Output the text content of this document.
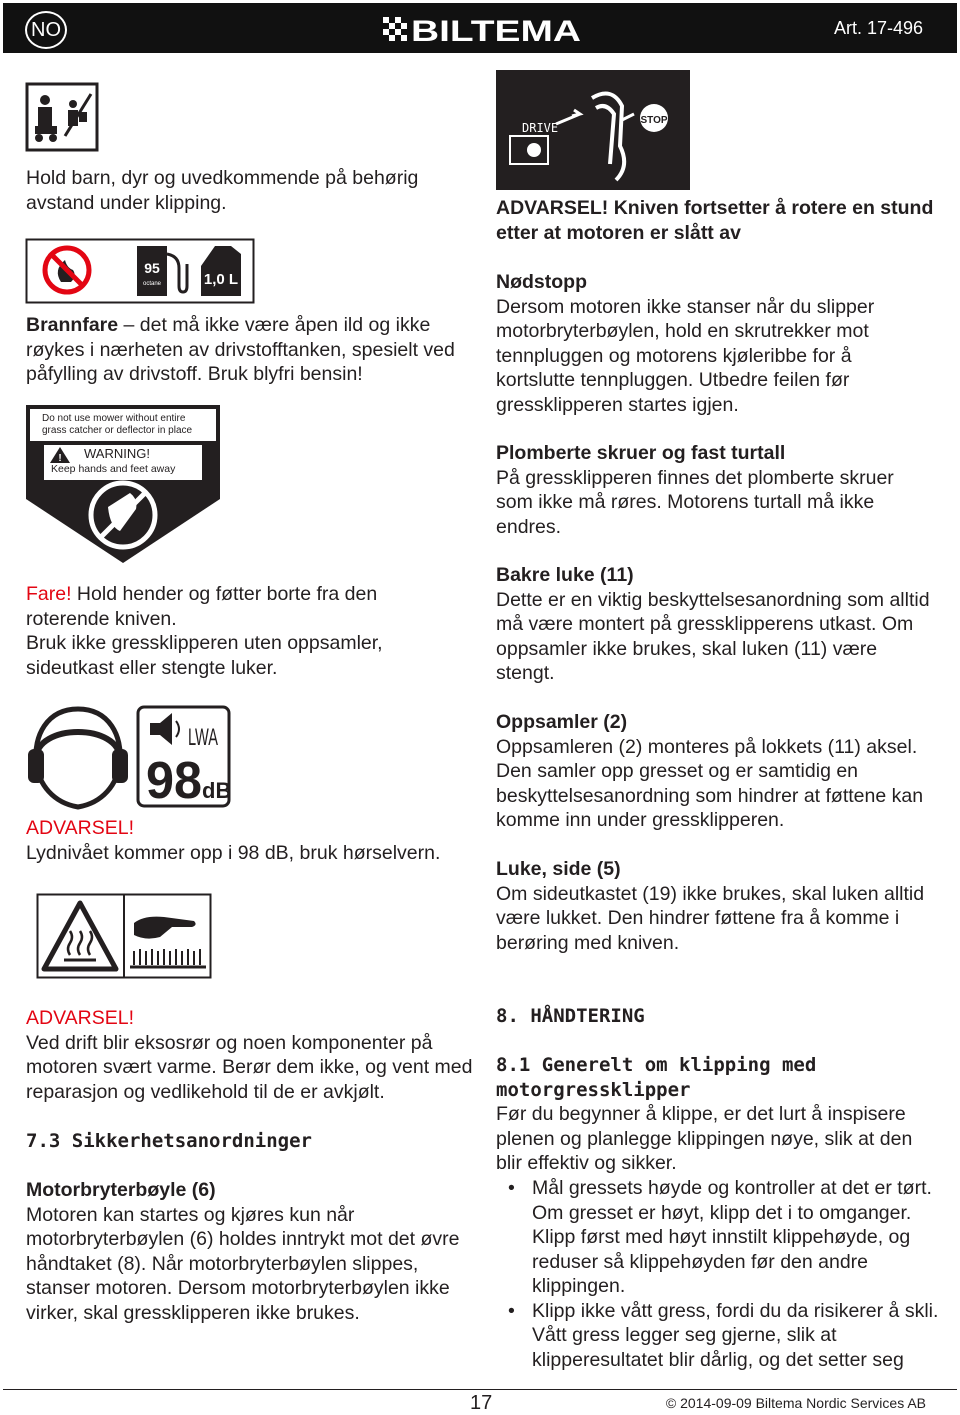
NO	BILTEMA	Art. 17-496

Hold barn, dyr og uvedkommende på behørig avstand under klipping.

95
octane	1,0 L

Brannfare – det må ikke være åpen ild og ikke røykes i nærheten av drivstofftanken, spesielt ved påfylling av drivstoff. Bruk blyfri bensin!

Do not use mower without entire
grass catcher or deflector in place
! WARNING!
Keep hands and feet away

Fare! Hold hender og føtter borte fra den roterende kniven.
Bruk ikke gressklipperen uten oppsamler, sideutkast eller stengte luker.

LWA
98 dB

ADVARSEL!
Lydnivået kommer opp i 98 dB, bruk hørselvern.

ADVARSEL!
Ved drift blir eksosrør og noen komponenter på motoren svært varme. Berør dem ikke, og vent med reparasjon og vedlikehold til de er avkjølt.

7.3 Sikkerhetsanordninger

Motorbryterbøyle (6)
Motoren kan startes og kjøres kun når motorbryterbøylen (6) holdes inntrykt mot det øvre håndtaket (8). Når motorbryterbøylen slippes, stanser motoren. Dersom motorbryterbøylen ikke virker, skal gressklipperen ikke brukes.

DRIVE
STOP

ADVARSEL! Kniven fortsetter å rotere en stund etter at motoren er slått av

Nødstopp
Dersom motoren ikke stanser når du slipper motorbryterbøylen, hold en skrutrekker mot tennpluggen og motorens kjøleribbe for å kortslutte tennpluggen. Utbedre feilen før gressklipperen startes igjen.

Plomberte skruer og fast turtall
På gressklipperen finnes det plomberte skruer som ikke må røres. Motorens turtall må ikke endres.

Bakre luke (11)
Dette er en viktig beskyttelsesanordning som alltid må være montert på gressklipperens utkast. Om oppsamler ikke brukes, skal luken (11) være stengt.

Oppsamler (2)
Oppsamleren (2) monteres på lokkets (11) aksel. Den samler opp gresset og er samtidig en beskyttelsesanordning som hindrer at føttene kan komme inn under gressklipperen.

Luke, side (5)
Om sideutkastet (19) ikke brukes, skal luken alltid være lukket. Den hindrer føttene fra å komme i berøring med kniven.

8. HÅNDTERING

8.1 Generelt om klipping med motorgressklipper

Før du begynner å klippe, er det lurt å inspisere plenen og planlegge klippingen nøye, slik at den blir effektiv og sikker.

• Mål gressets høyde og kontroller at det er tørt. Om gresset er høyt, klipp det i to omganger. Klipp først med høyt innstilt klippehøyde, og reduser så klippehøyden før den andre klippingen.
• Klipp ikke vått gress, fordi du da risikerer å skli. Vått gress legger seg gjerne, slik at klipperesultatet blir dårlig, og det setter seg
17	© 2014-09-09 Biltema Nordic Services AB
